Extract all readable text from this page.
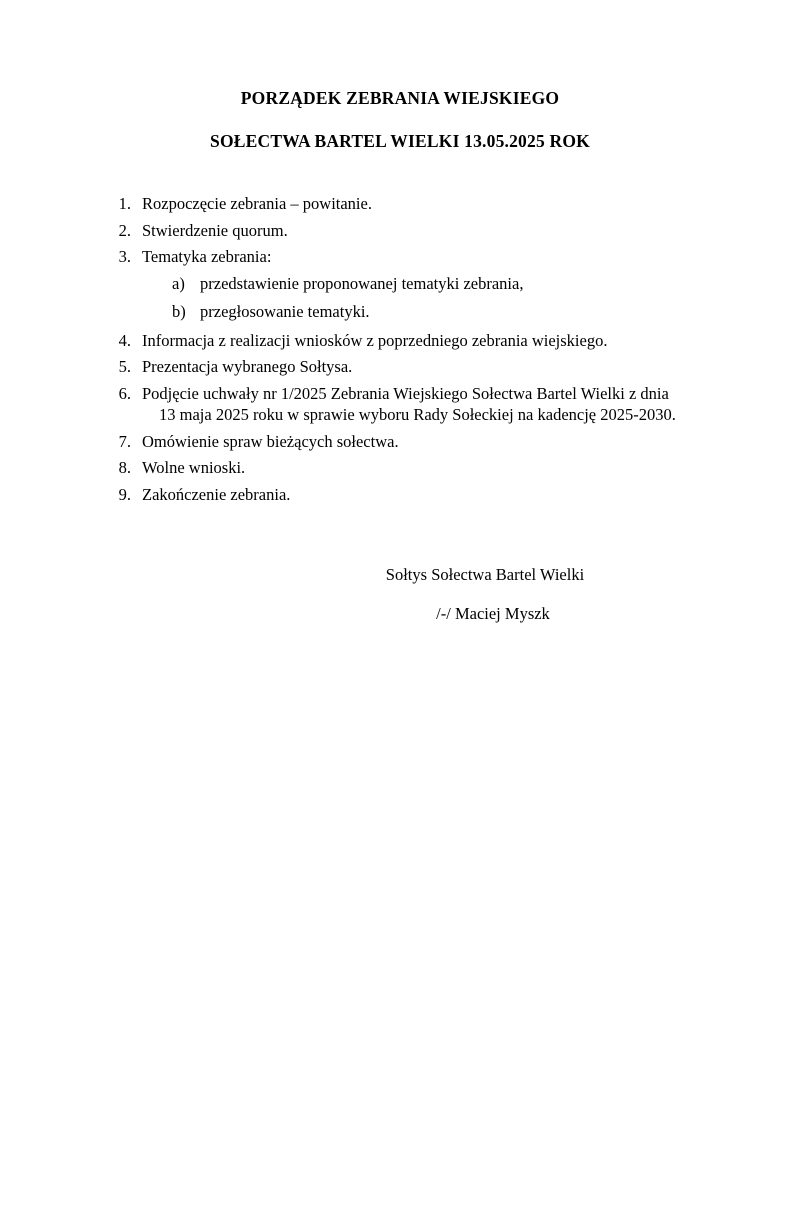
PORZĄDEK ZEBRANIA WIEJSKIEGO
SOŁECTWA BARTEL WIELKI 13.05.2025 ROK
1. Rozpoczęcie zebrania – powitanie.
2. Stwierdzenie quorum.
3. Tematyka zebrania:
a) przedstawienie proponowanej tematyki zebrania,
b) przegłosowanie tematyki.
4. Informacja z realizacji wniosków z poprzedniego zebrania wiejskiego.
5. Prezentacja wybranego Sołtysa.
6. Podjęcie uchwały nr 1/2025 Zebrania Wiejskiego Sołectwa Bartel Wielki z dnia
13 maja 2025 roku w sprawie wyboru Rady Sołeckiej na kadencję 2025-2030.
7. Omówienie spraw bieżących sołectwa.
8. Wolne wnioski.
9. Zakończenie zebrania.
Sołtys Sołectwa Bartel Wielki
/-/ Maciej Myszk
